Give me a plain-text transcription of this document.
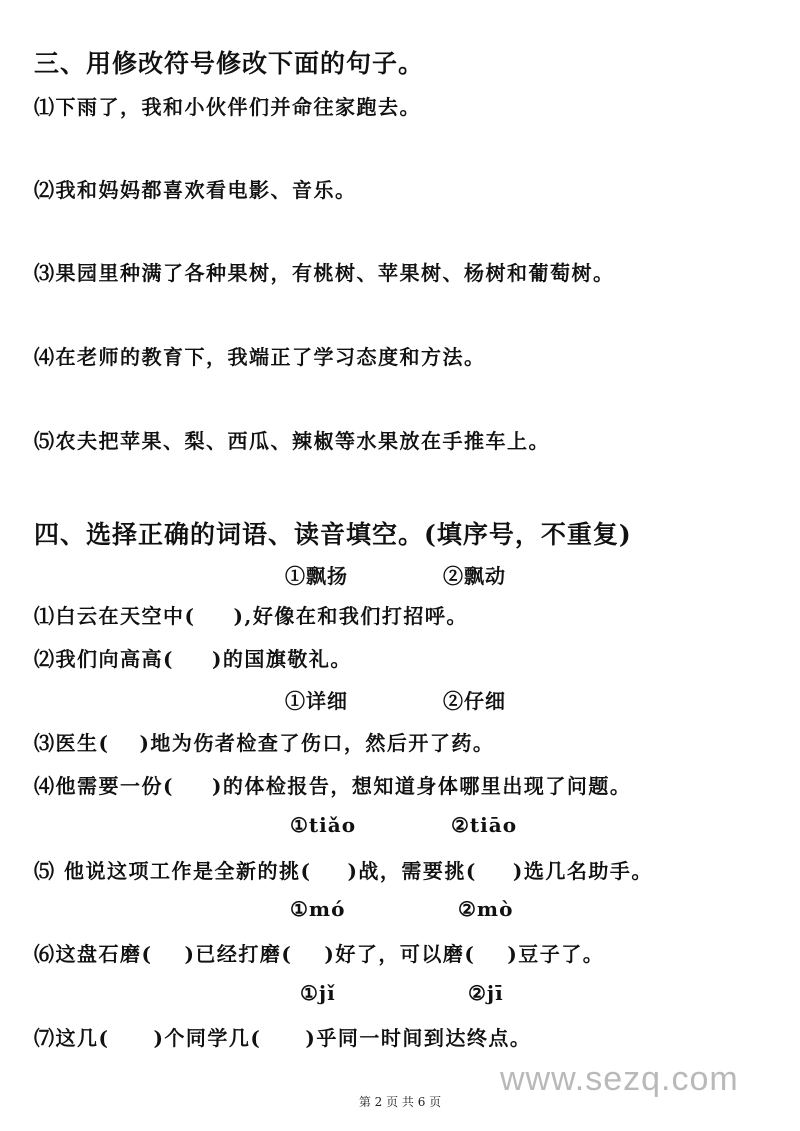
三、用修改符号修改下面的句子。
⑴下雨了，我和小伙伴们并命往家跑去。
⑵我和妈妈都喜欢看电影、音乐。
⑶果园里种满了各种果树，有桃树、苹果树、杨树和葡萄树。
⑷在老师的教育下，我端正了学习态度和方法。
⑸农夫把苹果、梨、西瓜、辣椒等水果放在手推车上。
四、选择正确的词语、读音填空。(填序号，不重复)
①飘扬	②飘动
⑴白云在天空中( ),好像在和我们打招呼。
⑵我们向高高( )的国旗敬礼。
①详细	②仔细
⑶医生( )地为伤者检查了伤口，然后开了药。
⑷他需要一份( )的体检报告，想知道身体哪里出现了问题。
①tiǎo	②tiāo
⑸ 他说这项工作是全新的挑( )战，需要挑( )选几名助手。
①mó	②mò
⑹这盘石磨( )已经打磨( )好了，可以磨( )豆子了。
①jǐ	②jī
⑺这几( )个同学几( )乎同一时间到达终点。
www.sezq.com
第 2 页 共 6 页
